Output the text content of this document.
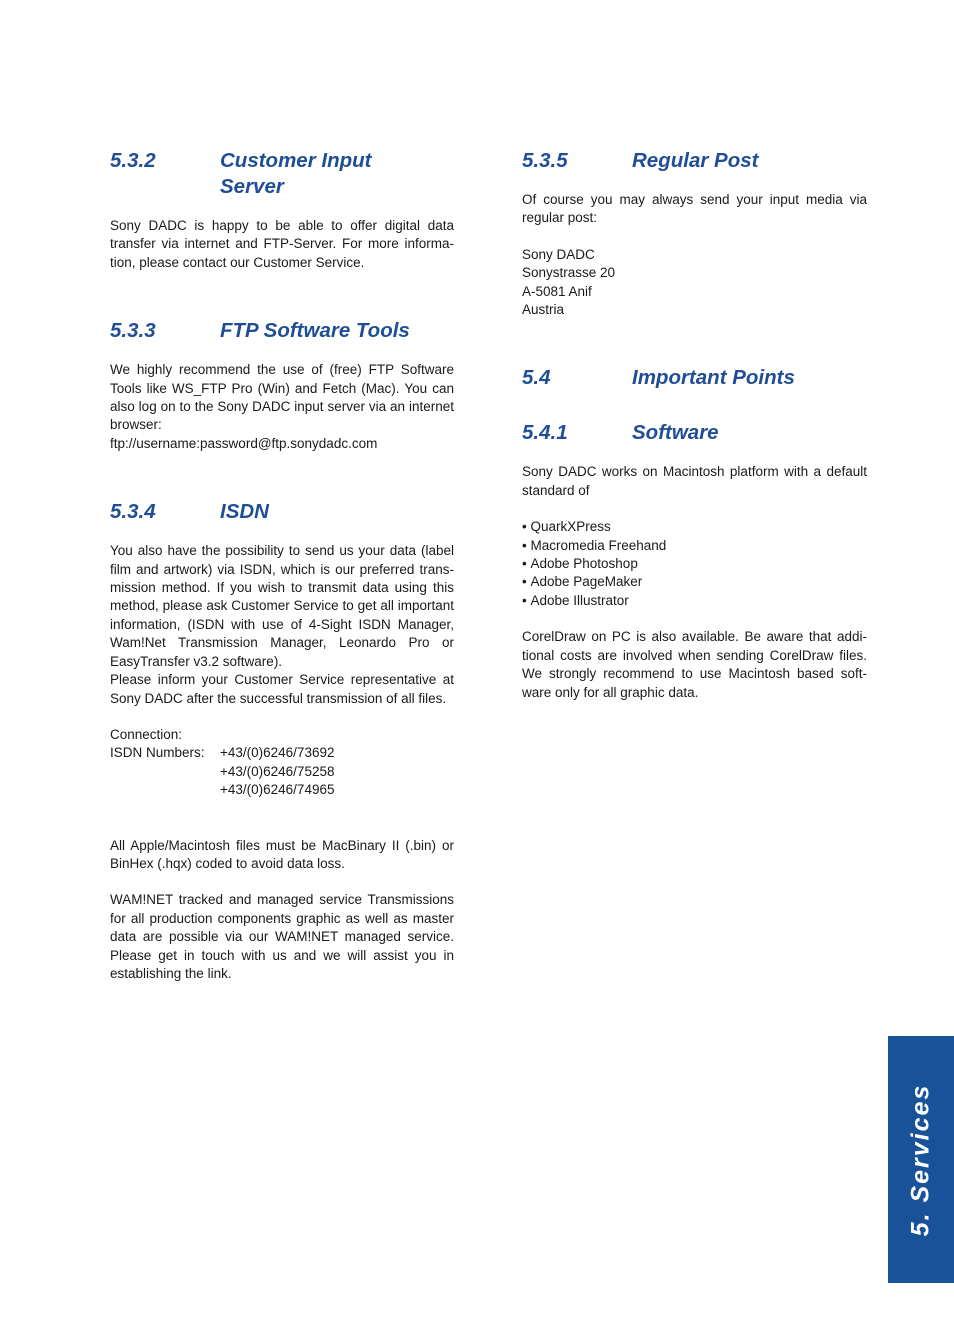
5.3.2	Customer Input
Server

Sony DADC is happy to be able to offer digital data transfer via internet and FTP-Server. For more information, please contact our Customer Service.

5.3.3	FTP Software Tools

We highly recommend the use of (free) FTP Software Tools like WS_FTP Pro (Win) and Fetch (Mac). You can also log on to the Sony DADC input server via an internet browser:

ftp://username:password@ftp.sonydadc.com

5.3.4	ISDN

You also have the possibility to send us your data (label film and artwork) via ISDN, which is our preferred transmission method. If you wish to transmit data using this method, please ask Customer Service to get all important information, (ISDN with use of 4-Sight ISDN Manager, Wam!Net Transmission Manager, Leonardo Pro or EasyTransfer v3.2 software).

Please inform your Customer Service representative at Sony DADC after the successful transmission of all files.

Connection:

ISDN Numbers:	+43/(0)6246/73692
+43/(0)6246/75258
+43/(0)6246/74965

All Apple/Macintosh files must be MacBinary II (.bin) or BinHex (.hqx) coded to avoid data loss.

WAM!NET tracked and managed service Transmissions for all production components graphic as well as master data are possible via our WAM!NET managed service. Please get in touch with us and we will assist you in establishing the link.

5.3.5	Regular Post

Of course you may always send your input media via regular post:

Sony DADC
Sonystrasse 20
A-5081 Anif
Austria
5.4	Important Points
5.4.1	Software

Sony DADC works on Macintosh platform with a default standard of

• QuarkXPress
• Macromedia Freehand
• Adobe Photoshop
• Adobe PageMaker
• Adobe Illustrator

CorelDraw on PC is also available. Be aware that additional costs are involved when sending CorelDraw files. We strongly recommend to use Macintosh based software only for all graphic data.

5. Services
